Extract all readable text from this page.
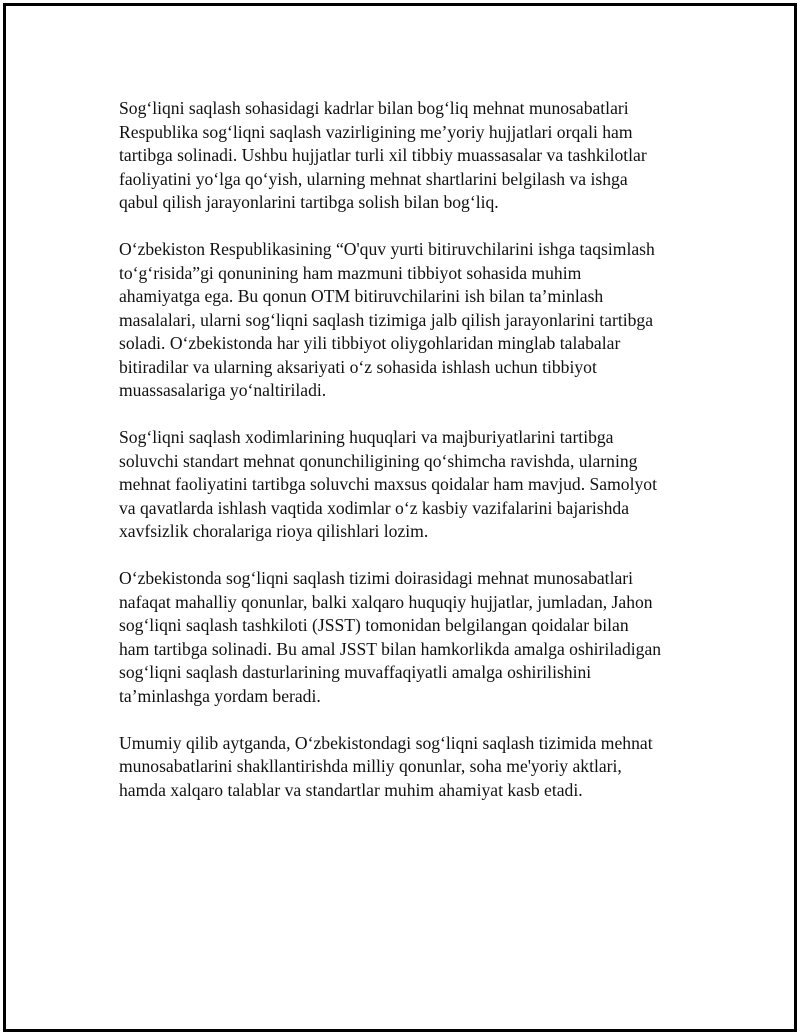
Sog‘liqni saqlash sohasidagi kadrlar bilan bog‘liq mehnat munosabatlari
Respublika sog‘liqni saqlash vazirligining me’yoriy hujjatlari orqali ham
tartibga solinadi. Ushbu hujjatlar turli xil tibbiy muassasalar va tashkilotlar
faoliyatini yo‘lga qo‘yish, ularning mehnat shartlarini belgilash va ishga
qabul qilish jarayonlarini tartibga solish bilan bog‘liq.

O‘zbekiston Respublikasining “O'quv yurti bitiruvchilarini ishga taqsimlash
to‘g‘risida”gi qonunining ham mazmuni tibbiyot sohasida muhim
ahamiyatga ega. Bu qonun OTM bitiruvchilarini ish bilan ta’minlash
masalalari, ularni sog‘liqni saqlash tizimiga jalb qilish jarayonlarini tartibga
soladi. O‘zbekistonda har yili tibbiyot oliygohlaridan minglab talabalar
bitiradilar va ularning aksariyati o‘z sohasida ishlash uchun tibbiyot
muassasalariga yo‘naltiriladi.

Sog‘liqni saqlash xodimlarining huquqlari va majburiyatlarini tartibga
soluvchi standart mehnat qonunchiligining qo‘shimcha ravishda, ularning
mehnat faoliyatini tartibga soluvchi maxsus qoidalar ham mavjud. Samolyot
va qavatlarda ishlash vaqtida xodimlar o‘z kasbiy vazifalarini bajarishda
xavfsizlik choralariga rioya qilishlari lozim.

O‘zbekistonda sog‘liqni saqlash tizimi doirasidagi mehnat munosabatlari
nafaqat mahalliy qonunlar, balki xalqaro huquqiy hujjatlar, jumladan, Jahon
sog‘liqni saqlash tashkiloti (JSST) tomonidan belgilangan qoidalar bilan
ham tartibga solinadi. Bu amal JSST bilan hamkorlikda amalga oshiriladigan
sog‘liqni saqlash dasturlarining muvaffaqiyatli amalga oshirilishini
ta’minlashga yordam beradi.

Umumiy qilib aytganda, O‘zbekistondagi sog‘liqni saqlash tizimida mehnat
munosabatlarini shakllantirishda milliy qonunlar, soha me'yoriy aktlari,
hamda xalqaro talablar va standartlar muhim ahamiyat kasb etadi.
